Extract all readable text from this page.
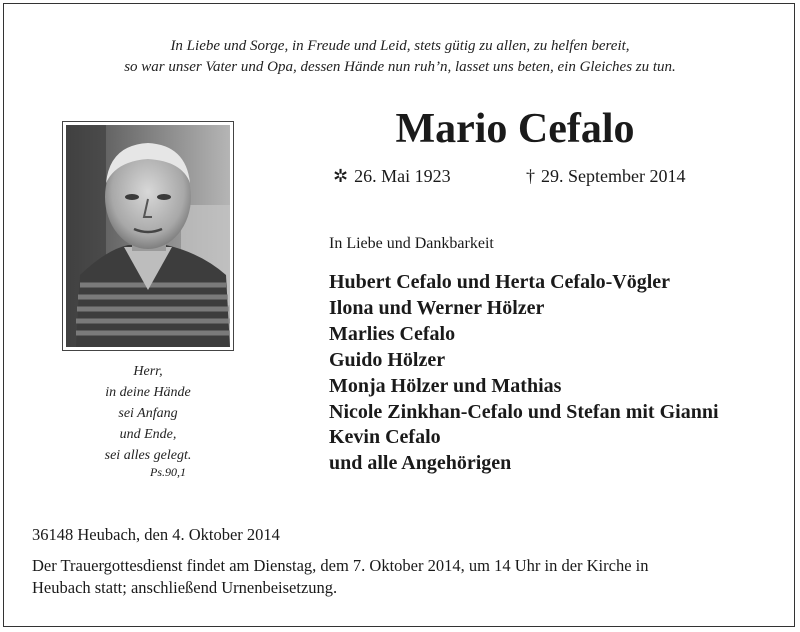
In Liebe und Sorge, in Freude und Leid, stets gütig zu allen, zu helfen bereit,
so war unser Vater und Opa, dessen Hände nun ruh’n, lasset uns beten, ein Gleiches zu tun.
Mario Cefalo
✲ 26. Mai 1923	† 29. September 2014
In Liebe und Dankbarkeit
Hubert Cefalo und Herta Cefalo-Vögler
Ilona und Werner Hölzer
Marlies Cefalo
Guido Hölzer
Monja Hölzer und Mathias
Nicole Zinkhan-Cefalo und Stefan mit Gianni
Kevin Cefalo
und alle Angehörigen
Herr,
in deine Hände
sei Anfang
und Ende,
sei alles gelegt.
Ps.90,1
36148 Heubach, den 4. Oktober 2014
Der Trauergottesdienst findet am Dienstag, dem 7. Oktober 2014, um 14 Uhr in der Kirche in
Heubach statt; anschließend Urnenbeisetzung.
